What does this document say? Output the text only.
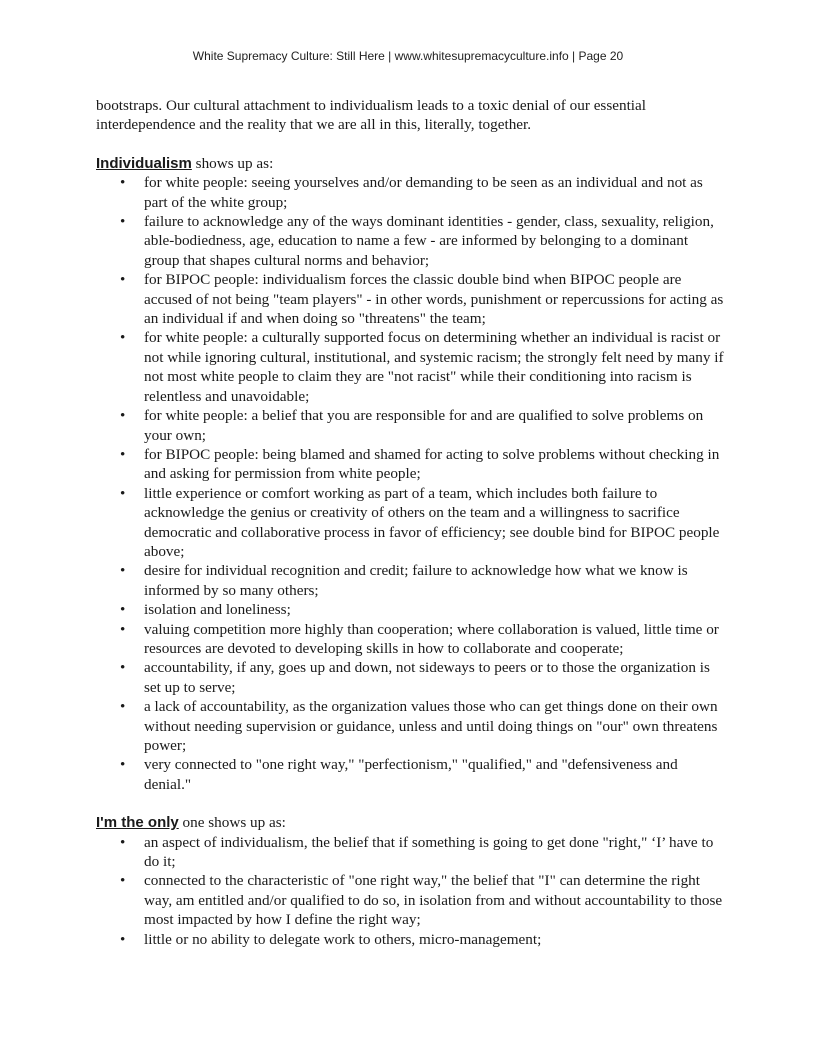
White Supremacy Culture: Still Here | www.whitesupremacyculture.info | Page 20

bootstraps. Our cultural attachment to individualism leads to a toxic denial of our essential interdependence and the reality that we are all in this, literally, together.

Individualism shows up as:

• for white people: seeing yourselves and/or demanding to be seen as an individual and not as part of the white group;
• failure to acknowledge any of the ways dominant identities - gender, class, sexuality, religion, able-bodiedness, age, education to name a few - are informed by belonging to a dominant group that shapes cultural norms and behavior;
• for BIPOC people: individualism forces the classic double bind when BIPOC people are accused of not being "team players" - in other words, punishment or repercussions for acting as an individual if and when doing so "threatens" the team;
• for white people: a culturally supported focus on determining whether an individual is racist or not while ignoring cultural, institutional, and systemic racism; the strongly felt need by many if not most white people to claim they are "not racist" while their conditioning into racism is relentless and unavoidable;
• for white people: a belief that you are responsible for and are qualified to solve problems on your own;
• for BIPOC people: being blamed and shamed for acting to solve problems without checking in and asking for permission from white people;
• little experience or comfort working as part of a team, which includes both failure to acknowledge the genius or creativity of others on the team and a willingness to sacrifice democratic and collaborative process in favor of efficiency; see double bind for BIPOC people above;
• desire for individual recognition and credit; failure to acknowledge how what we know is informed by so many others;
• isolation and loneliness;
• valuing competition more highly than cooperation; where collaboration is valued, little time or resources are devoted to developing skills in how to collaborate and cooperate;
• accountability, if any, goes up and down, not sideways to peers or to those the organization is set up to serve;
• a lack of accountability, as the organization values those who can get things done on their own without needing supervision or guidance, unless and until doing things on "our" own threatens power;
• very connected to "one right way," "perfectionism," "qualified," and "defensiveness and denial."

I'm the only one shows up as:

• an aspect of individualism, the belief that if something is going to get done "right," ‘I’ have to do it;
• connected to the characteristic of "one right way," the belief that "I" can determine the right way, am entitled and/or qualified to do so, in isolation from and without accountability to those most impacted by how I define the right way;
• little or no ability to delegate work to others, micro-management;
